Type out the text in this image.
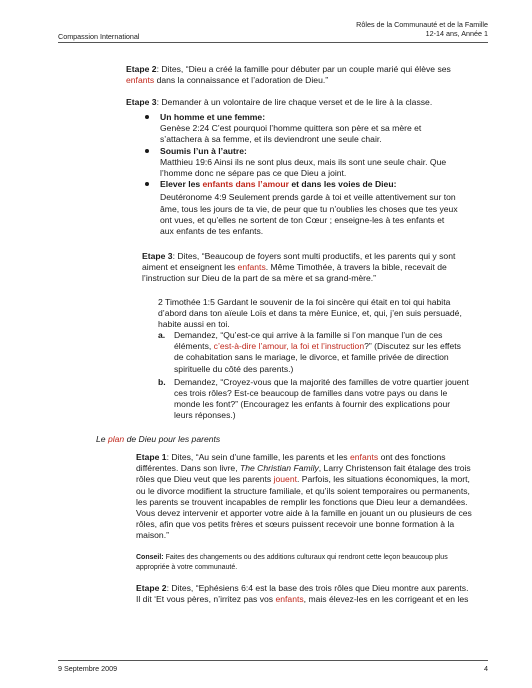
Compassion International
Rôles de la Communauté et de la Famille
12-14 ans, Année 1

Etape 2: Dites, “Dieu a créé la famille pour débuter par un couple marié qui élève ses enfants dans la connaissance et l’adoration de Dieu.”

Etape 3: Demander à un volontaire de lire chaque verset et de le lire à la classe.

Un homme et une femme:

Genèse 2:24 C’est pourquoi l’homme quittera son père et sa mère et s’attachera à sa femme, et ils deviendront une seule chair.

Soumis l’un à l’autre:

Matthieu 19:6 Ainsi ils ne sont plus deux, mais ils sont une seule chair. Que l’homme donc ne sépare pas ce que Dieu a joint.

Elever les enfants dans l’amour et dans les voies de Dieu:

Deutéronome 4:9 Seulement prends garde à toi et veille attentivement sur ton âme, tous les jours de ta vie, de peur que tu n’oublies les choses que tes yeux ont vues, et qu’elles ne sortent de ton Cœur ; enseigne-les à tes enfants et aux enfants de tes enfants.

Etape 3: Dites, “Beaucoup de foyers sont multi productifs, et les parents qui y sont aiment et enseignent les enfants. Même Timothée, à travers la bible, recevait de l’instruction sur Dieu de la part de sa mère et sa grand-mère.”

2 Timothée 1:5 Gardant le souvenir de la foi sincère qui était en toi qui habita d’abord dans ton aïeule Loïs et dans ta mère Eunice, et, qui, j’en suis persuadé, habite aussi en toi.

a. Demandez, “Qu’est-ce qui arrive à la famille si l’on manque l’un de ces éléments, c’est-à-dire l’amour, la foi et l’instruction?” (Discutez sur les effets de cohabitation sans le mariage, le divorce, et famille privée de direction spirituelle du côté des parents.)

b. Demandez, “Croyez-vous que la majorité des familles de votre quartier jouent ces trois rôles? Est-ce beaucoup de familles dans votre pays ou dans le monde les font?” (Encouragez les enfants à fournir des explications pour leurs réponses.)

Le plan de Dieu pour les parents

Etape 1: Dites, “Au sein d’une famille, les parents et les enfants ont des fonctions différentes. Dans son livre, The Christian Family, Larry Christenson fait étalage des trois rôles que Dieu veut que les parents jouent. Parfois, les situations économiques, la mort, ou le divorce modifient la structure familiale, et qu’ils soient temporaires ou permanents, les parents se trouvent incapables de remplir les fonctions que Dieu leur a demandées. Vous devez intervenir et apporter votre aide à la famille en jouant un ou plusieurs de ces rôles, afin que vos petits frères et sœurs puissent recevoir une bonne formation à la maison.”

Conseil: Faites des changements ou des additions culturaux qui rendront cette leçon beaucoup plus appropriée à votre communauté.

Etape 2: Dites, “Ephésiens 6:4 est la base des trois rôles que Dieu montre aux parents. Il dit ‘Et vous pères, n’irritez pas vos enfants, mais élevez-les en les corrigeant et en les

9 Septembre 2009	4
